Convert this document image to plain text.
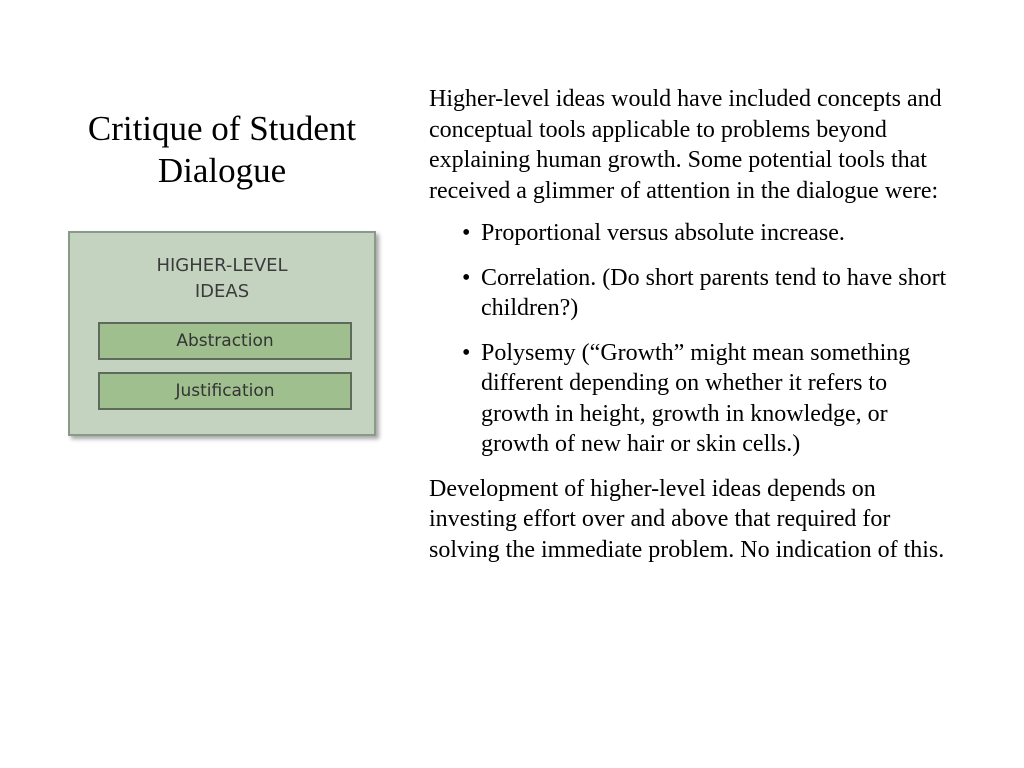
Critique of Student
Dialogue
HIGHER-LEVEL
IDEAS
Abstraction
Justification

Higher-level ideas would have included concepts and conceptual tools applicable to problems beyond explaining human growth. Some potential tools that received a glimmer of attention in the dialogue were:

• Proportional versus absolute increase.
• Correlation. (Do short parents tend to have short children?)
• Polysemy (“Growth” might mean something different depending on whether it refers to growth in height, growth in knowledge, or growth of new hair or skin cells.)

Development of higher-level ideas depends on investing effort over and above that required for solving the immediate problem. No indication of this.
